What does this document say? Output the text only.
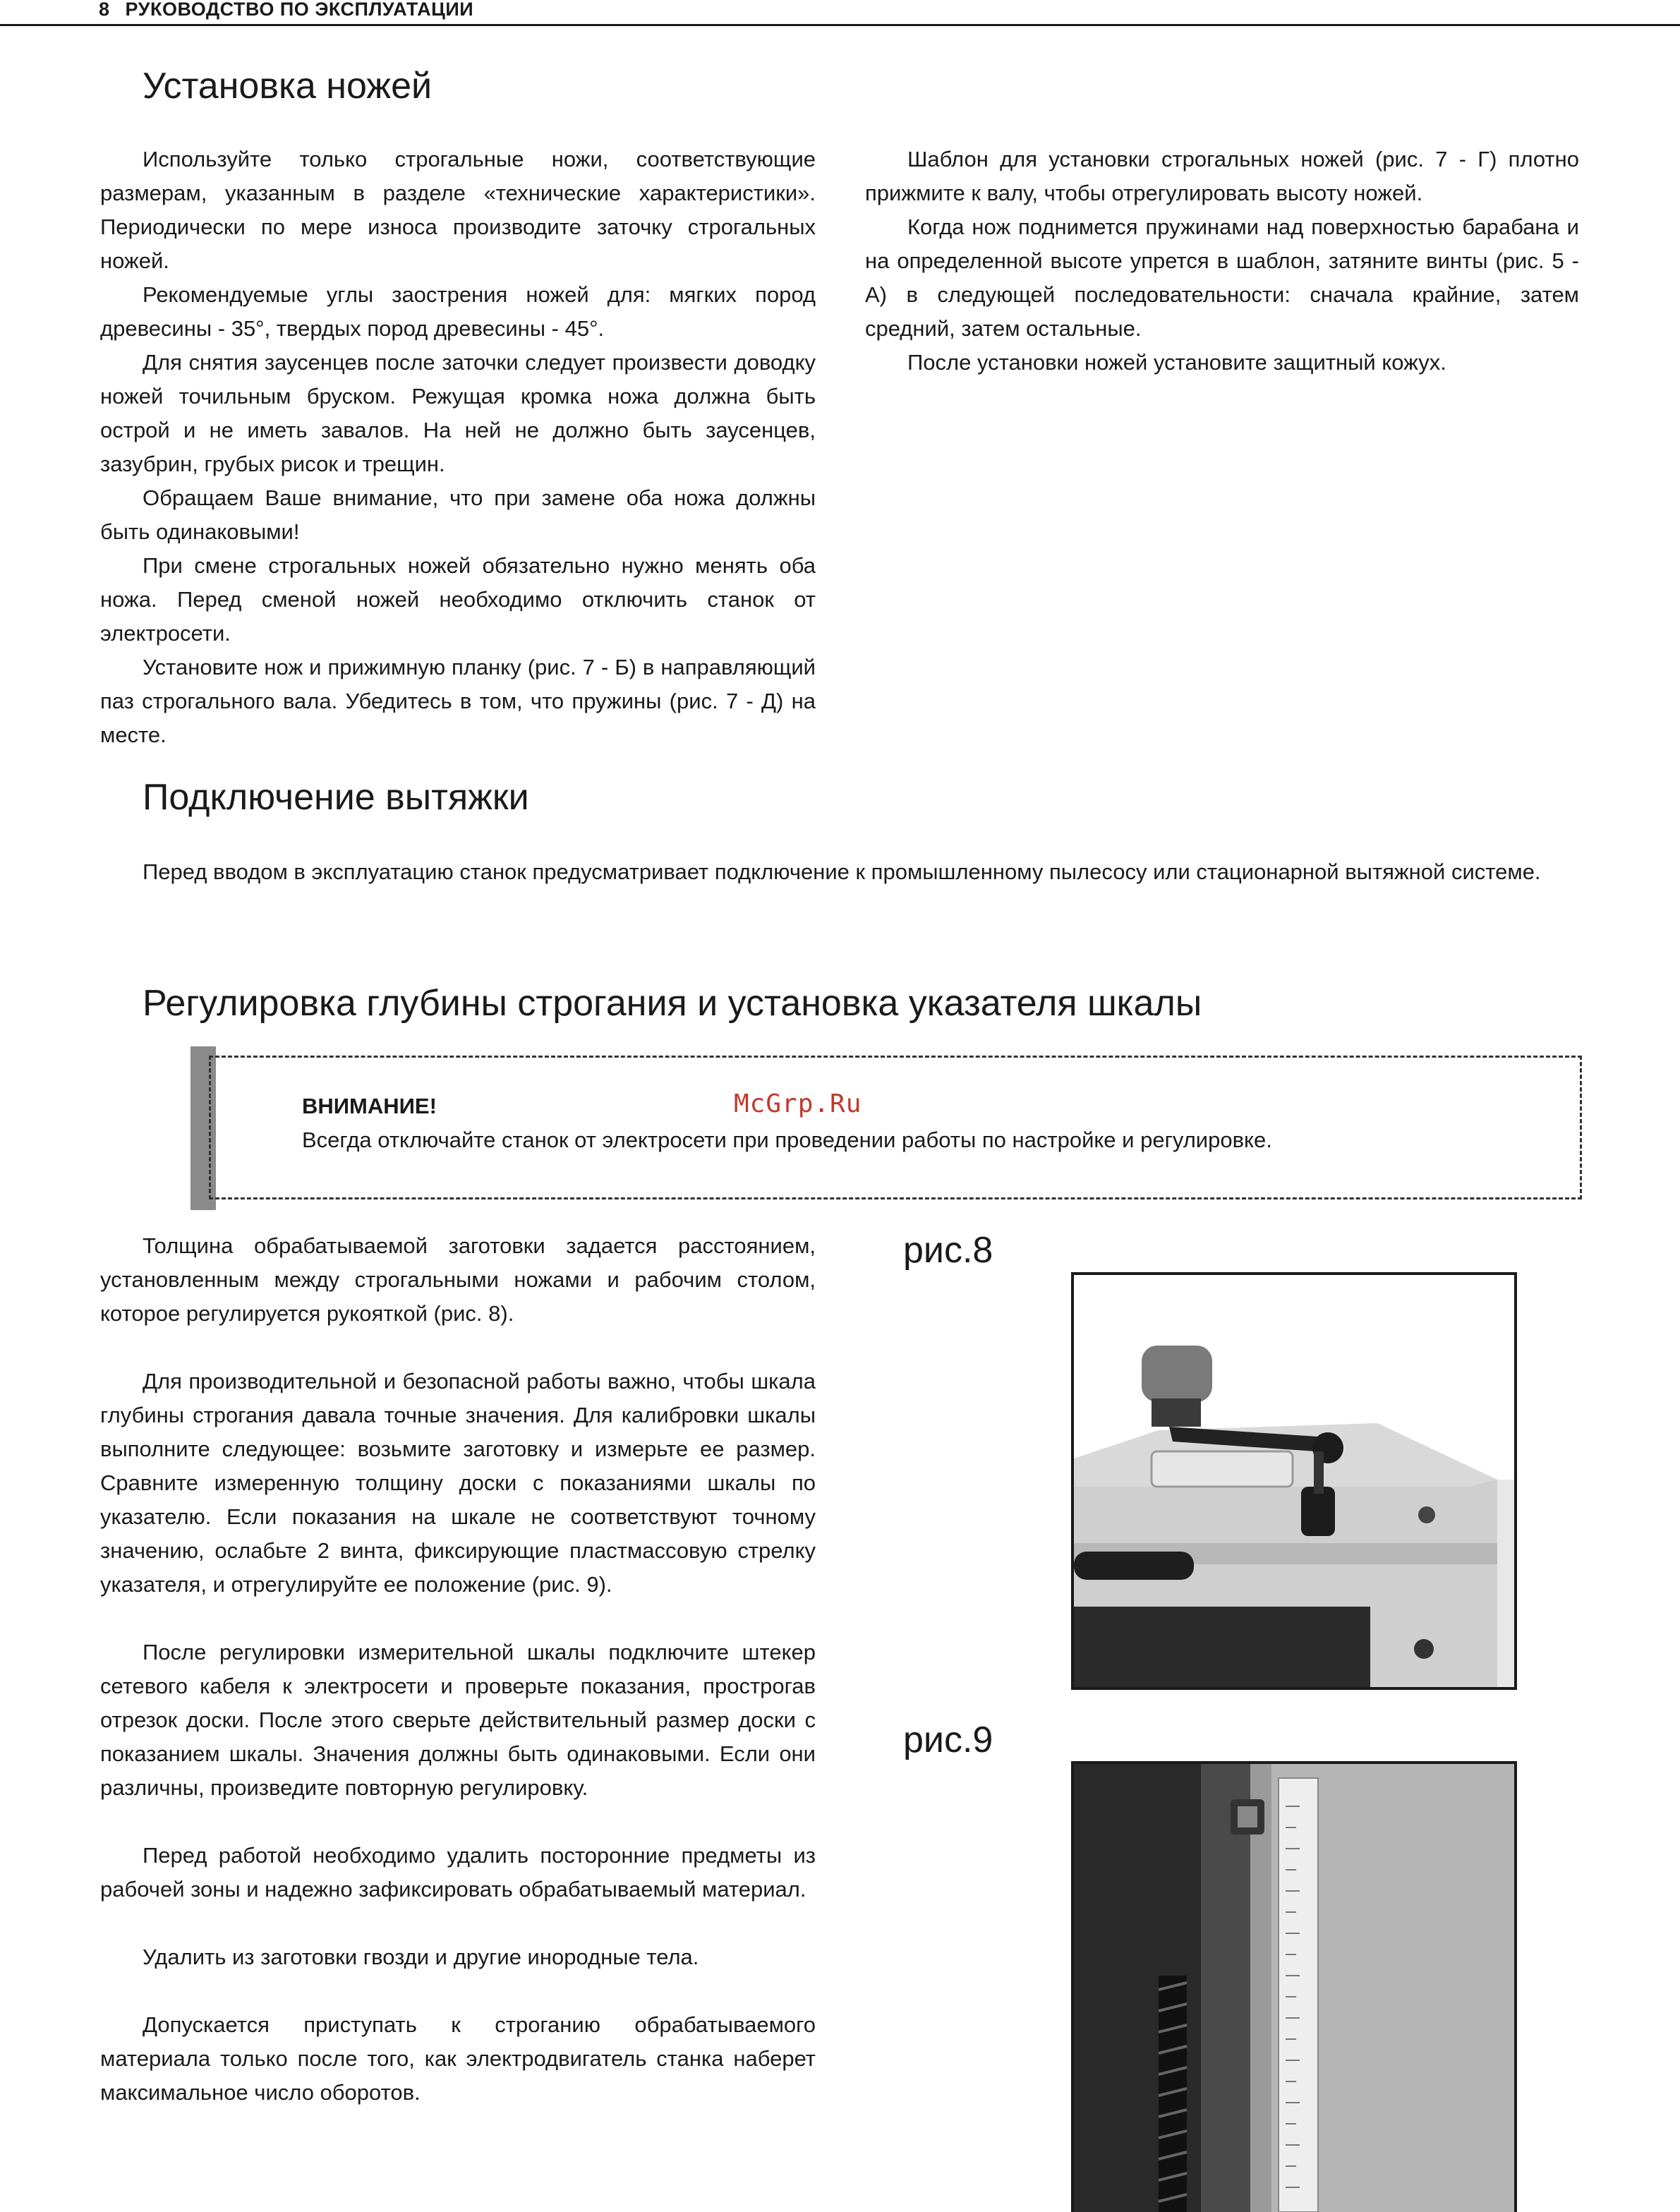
8 РУКОВОДСТВО ПО ЭКСПЛУАТАЦИИ
Установка ножей

Используйте только строгальные ножи, соответствующие размерам, указанным в разделе «технические характеристики». Периодически по мере износа производите заточку строгальных ножей.

Рекомендуемые углы заострения ножей для: мягких пород древесины - 35°, твердых пород древесины - 45°.

Для снятия заусенцев после заточки следует произвести доводку ножей точильным бруском. Режущая кромка ножа должна быть острой и не иметь завалов. На ней не должно быть заусенцев, зазубрин, грубых рисок и трещин.

Обращаем Ваше внимание, что при замене оба ножа должны быть одинаковыми!

При смене строгальных ножей обязательно нужно менять оба ножа. Перед сменой ножей необходимо отключить станок от электросети.

Установите нож и прижимную планку (рис. 7 - Б) в направляющий паз строгального вала. Убедитесь в том, что пружины (рис. 7 - Д) на месте.

Шаблон для установки строгальных ножей (рис. 7 - Г) плотно прижмите к валу, чтобы отрегулировать высоту ножей.

Когда нож поднимется пружинами над поверхностью барабана и на определенной высоте упрется в шаблон, затяните винты (рис. 5 - А) в следующей последовательности: сначала крайние, затем средний, затем остальные.

После установки ножей установите защитный кожух.

Подключение вытяжки

Перед вводом в эксплуатацию станок предусматривает подключение к промышленному пылесосу или стационарной вытяжной системе.

Регулировка глубины строгания и установка указателя шкалы
ВНИМАНИЕ!
Всегда отключайте станок от электросети при проведении работы по настройке и регулировке.
McGrp.Ru

Толщина обрабатываемой заготовки задается расстоянием, установленным между строгальными ножами и рабочим столом, которое регулируется рукояткой (рис. 8).

Для производительной и безопасной работы важно, чтобы шкала глубины строгания давала точные значения. Для калибровки шкалы выполните следующее: возьмите заготовку и измерьте ее размер. Сравните измеренную толщину доски с показаниями шкалы по указателю. Если показания на шкале не соответствуют точному значению, ослабьте 2 винта, фиксирующие пластмассовую стрелку указателя, и отрегулируйте ее положение (рис. 9).

После регулировки измерительной шкалы подключите штекер сетевого кабеля к электросети и проверьте показания, прострогав отрезок доски. После этого сверьте действительный размер доски с показанием шкалы. Значения должны быть одинаковыми. Если они различны, произведите повторную регулировку.

Перед работой необходимо удалить посторонние предметы из рабочей зоны и надежно зафиксировать обрабатываемый материал.

Удалить из заготовки гвозди и другие инородные тела.

Допускается приступать к строганию обрабатываемого материала только после того, как электродвигатель станка наберет максимальное число оборотов.

рис.8
рис.9
